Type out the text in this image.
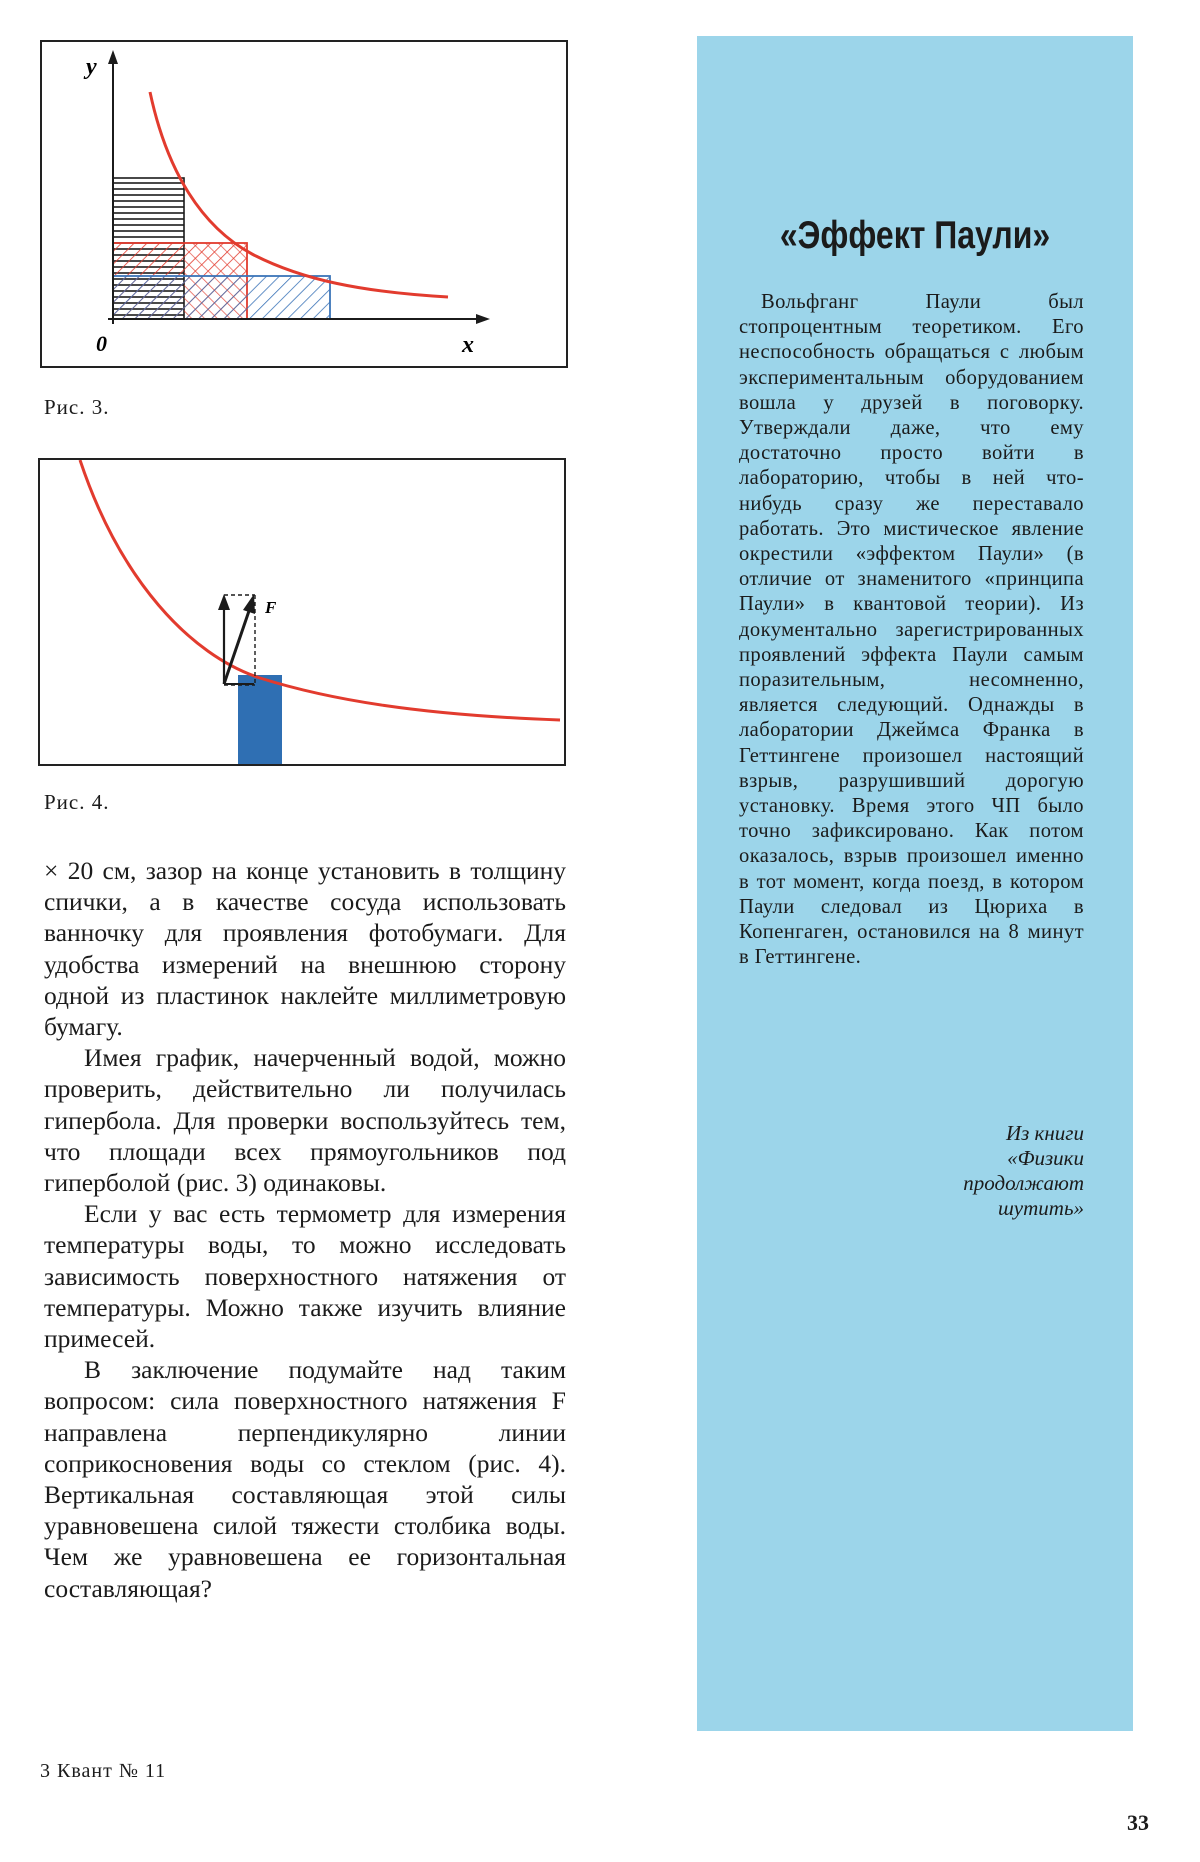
y
x
0
Рис. 3.
F
Рис. 4.

× 20 см, зазор на конце установить в толщину спички, а в качестве сосуда использовать ванночку для проявления фотобумаги. Для удобства измерений на внешнюю сторону одной из пластинок наклейте миллиметровую бумагу.

Имея график, начерченный водой, можно проверить, действительно ли получилась гипербола. Для проверки воспользуйтесь тем, что площади всех прямоугольников под гиперболой (рис. 3) одинаковы.

Если у вас есть термометр для измерения температуры воды, то можно исследовать зависимость поверхностного натяжения от температуры. Можно также изучить влияние примесей.

В заключение подумайте над таким вопросом: сила поверхностного натяжения F направлена перпендикулярно линии соприкосновения воды со стеклом (рис. 4). Вертикальная составляющая этой силы уравновешена силой тяжести столбика воды. Чем же уравновешена ее горизонтальная составляющая?

«Эффект Паули»
Вольфганг Паули был стопроцентным теоретиком. Его неспособность обращаться с любым экспериментальным оборудованием вошла у друзей в поговорку. Утверждали даже, что ему достаточно просто войти в лабораторию, чтобы в ней что-нибудь сразу же переставало работать. Это мистическое явление окрестили «эффектом Паули» (в отличие от знаменитого «принципа Паули» в квантовой теории). Из документально зарегистрированных проявлений эффекта Паули самым поразительным, несомненно, является следующий. Однажды в лаборатории Джеймса Франка в Геттингене произошел настоящий взрыв, разрушивший дорогую установку. Время этого ЧП было точно зафиксировано. Как потом оказалось, взрыв произошел именно в тот момент, когда поезд, в котором Паули следовал из Цюриха в Копенгаген, остановился на 8 минут в Геттингене.
Из книги
«Физики
продолжают
шутить»
3 Квант № 11
33
